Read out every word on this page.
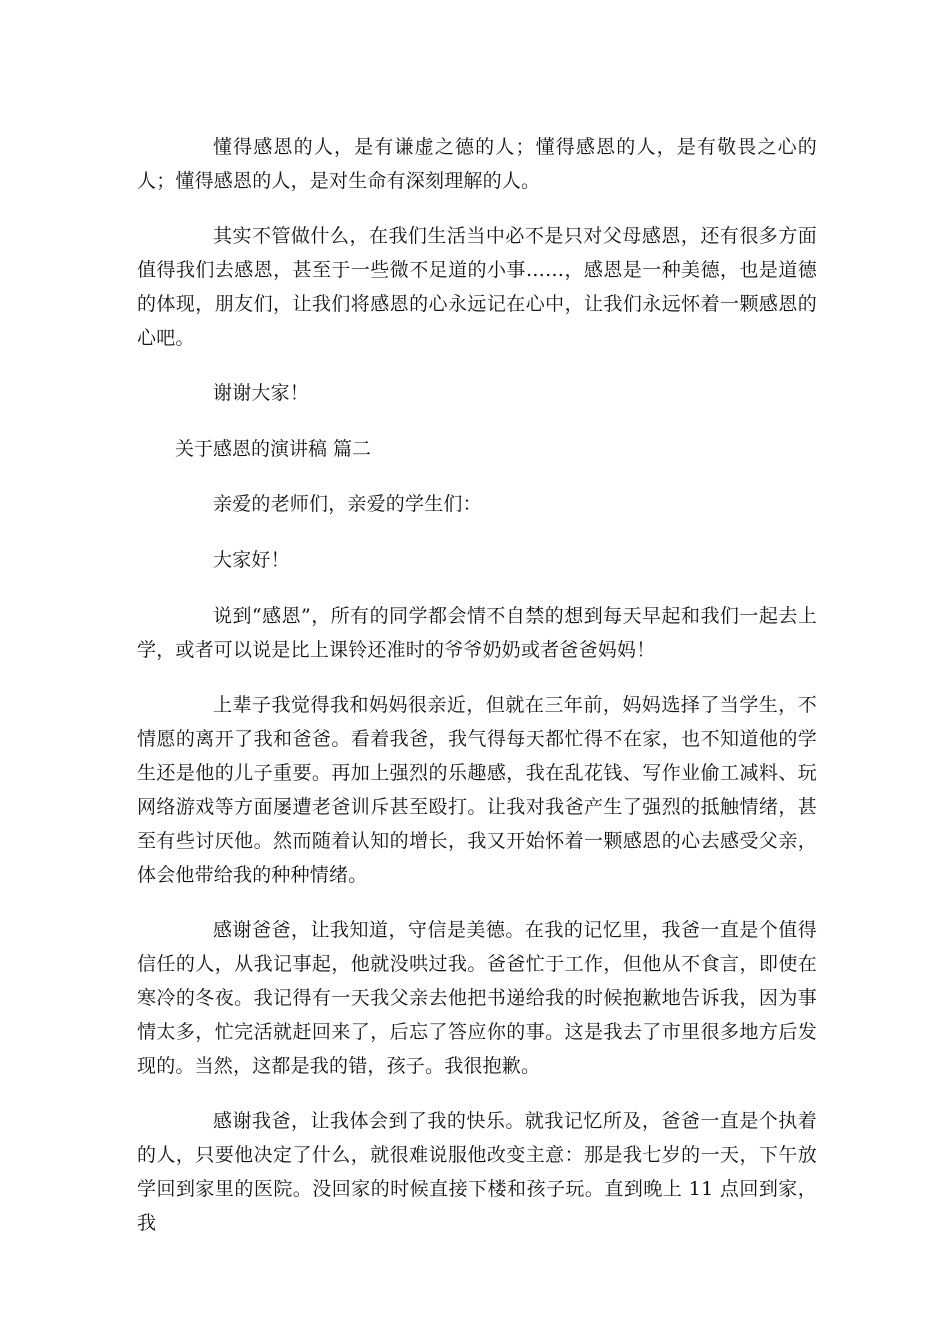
懂得感恩的人，是有谦虚之德的人；懂得感恩的人，是有敬畏之心的人；懂得感恩的人，是对生命有深刻理解的人。

其实不管做什么，在我们生活当中必不是只对父母感恩，还有很多方面值得我们去感恩，甚至于一些微不足道的小事……，感恩是一种美德，也是道德的体现，朋友们，让我们将感恩的心永远记在心中，让我们永远怀着一颗感恩的心吧。

谢谢大家！

关于感恩的演讲稿 篇二

亲爱的老师们，亲爱的学生们：

大家好！

说到“感恩”，所有的同学都会情不自禁的想到每天早起和我们一起去上学，或者可以说是比上课铃还准时的爷爷奶奶或者爸爸妈妈！

上辈子我觉得我和妈妈很亲近，但就在三年前，妈妈选择了当学生，不情愿的离开了我和爸爸。看着我爸，我气得每天都忙得不在家，也不知道他的学生还是他的儿子重要。再加上强烈的乐趣感，我在乱花钱、写作业偷工减料、玩网络游戏等方面屡遭老爸训斥甚至殴打。让我对我爸产生了强烈的抵触情绪，甚至有些讨厌他。然而随着认知的增长，我又开始怀着一颗感恩的心去感受父亲，体会他带给我的种种情绪。

感谢爸爸，让我知道，守信是美德。在我的记忆里，我爸一直是个值得信任的人，从我记事起，他就没哄过我。爸爸忙于工作，但他从不食言，即使在寒冷的冬夜。我记得有一天我父亲去他把书递给我的时候抱歉地告诉我，因为事情太多，忙完活就赶回来了，后忘了答应你的事。这是我去了市里很多地方后发现的。当然，这都是我的错，孩子。我很抱歉。

感谢我爸，让我体会到了我的快乐。就我记忆所及，爸爸一直是个执着的人，只要他决定了什么，就很难说服他改变主意：那是我七岁的一天，下午放学回到家里的医院。没回家的时候直接下楼和孩子玩。直到晚上 11 点回到家，我
